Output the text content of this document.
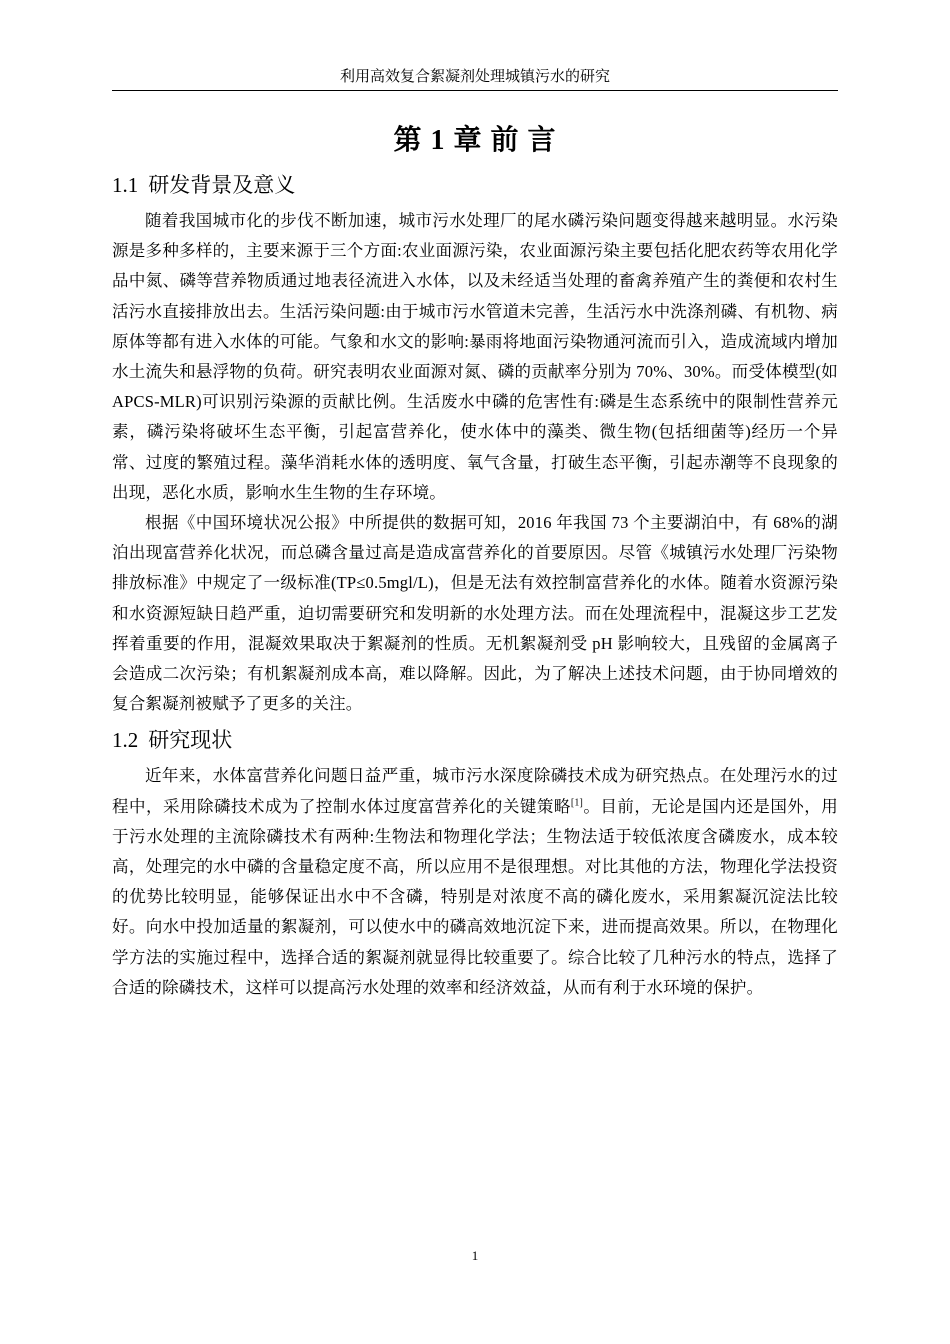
利用高效复合絮凝剂处理城镇污水的研究
第 1 章 前 言
1.1 研发背景及意义

随着我国城市化的步伐不断加速，城市污水处理厂的尾水磷污染问题变得越来越明显。水污染源是多种多样的，主要来源于三个方面:农业面源污染，农业面源污染主要包括化肥农药等农用化学品中氮、磷等营养物质通过地表径流进入水体，以及未经适当处理的畜禽养殖产生的粪便和农村生活污水直接排放出去。生活污染问题:由于城市污水管道未完善，生活污水中洗涤剂磷、有机物、病原体等都有进入水体的可能。气象和水文的影响:暴雨将地面污染物通河流而引入，造成流域内增加水土流失和悬浮物的负荷。研究表明农业面源对氮、磷的贡献率分别为 70%、30%。而受体模型(如 APCS-MLR)可识别污染源的贡献比例。生活废水中磷的危害性有:磷是生态系统中的限制性营养元素，磷污染将破坏生态平衡，引起富营养化，使水体中的藻类、微生物(包括细菌等)经历一个异常、过度的繁殖过程。藻华消耗水体的透明度、氧气含量，打破生态平衡，引起赤潮等不良现象的出现，恶化水质，影响水生生物的生存环境。

根据《中国环境状况公报》中所提供的数据可知，2016 年我国 73 个主要湖泊中，有 68%的湖泊出现富营养化状况，而总磷含量过高是造成富营养化的首要原因。尽管《城镇污水处理厂污染物排放标准》中规定了一级标准(TP≤0.5mgl/L)，但是无法有效控制富营养化的水体。随着水资源污染和水资源短缺日趋严重，迫切需要研究和发明新的水处理方法。而在处理流程中，混凝这步工艺发挥着重要的作用，混凝效果取决于絮凝剂的性质。无机絮凝剂受 pH 影响较大，且残留的金属离子会造成二次污染；有机絮凝剂成本高，难以降解。因此，为了解决上述技术问题，由于协同增效的复合絮凝剂被赋予了更多的关注。

1.2 研究现状

近年来，水体富营养化问题日益严重，城市污水深度除磷技术成为研究热点。在处理污水的过程中，采用除磷技术成为了控制水体过度富营养化的关键策略[1]。目前，无论是国内还是国外，用于污水处理的主流除磷技术有两种:生物法和物理化学法；生物法适于较低浓度含磷废水，成本较高，处理完的水中磷的含量稳定度不高，所以应用不是很理想。对比其他的方法，物理化学法投资的优势比较明显，能够保证出水中不含磷，特别是对浓度不高的磷化废水，采用絮凝沉淀法比较好。向水中投加适量的絮凝剂，可以使水中的磷高效地沉淀下来，进而提高效果。所以，在物理化学方法的实施过程中，选择合适的絮凝剂就显得比较重要了。综合比较了几种污水的特点，选择了合适的除磷技术，这样可以提高污水处理的效率和经济效益，从而有利于水环境的保护。

1
